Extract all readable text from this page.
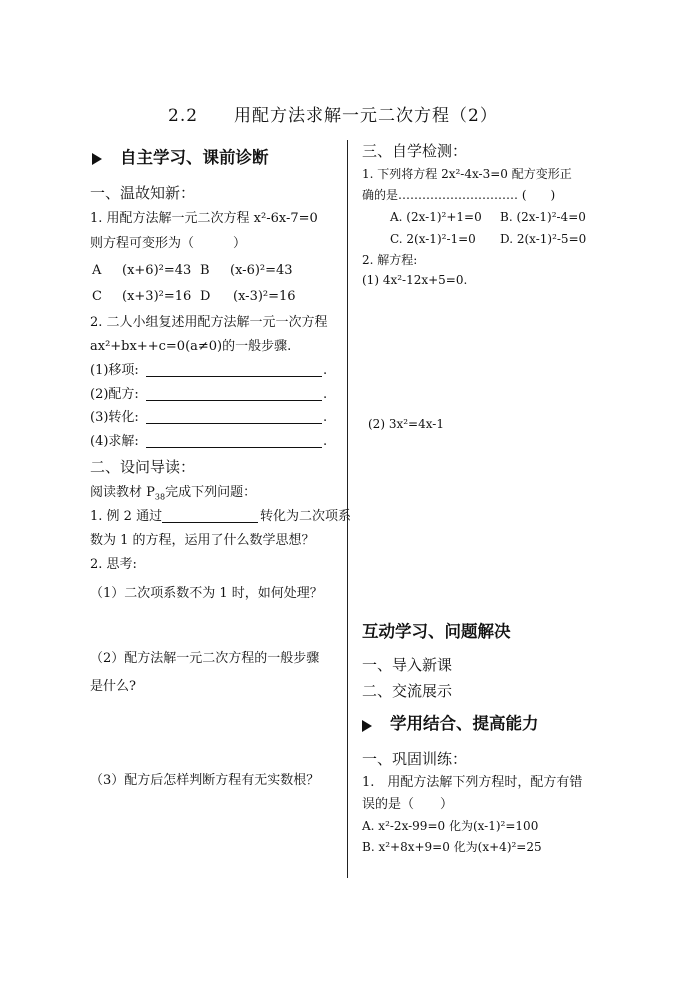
2.2　　用配方法求解一元二次方程（2）
自主学习、课前诊断
一、温故知新：
1. 用配方法解一元二次方程 x²-6x-7=0
则方程可变形为（　　　）
A (x+6)²=43 B (x-6)²=43
C (x+3)²=16 D (x-3)²=16
2. 二人小组复述用配方法解一元一次方程
ax²+bx++c=0(a≠0)的一般步骤.
(1)移项:	.
(2)配方:	.
(3)转化:	.
(4)求解:	.
二、设问导读：
阅读教材 $P_{38}$完成下列问题：
1. 例 2 通过	转化为二次项系
数为 1 的方程，运用了什么数学思想？
2. 思考:
（1）二次项系数不为 1 时，如何处理？
（2）配方法解一元二次方程的一般步骤
是什么?
（3）配方后怎样判断方程有无实数根？
三、自学检测：
1. 下列将方程 2x²-4x-3=0 配方变形正
确的是………………………… (　　)
A. (2x-1)²+1=0 B. (2x-1)²-4=0
C. 2(x-1)²-1=0 D. 2(x-1)²-5=0
2. 解方程:
(1) 4x²-12x+5=0.
(2) 3x²=4x-1
互动学习、问题解决
一、导入新课
二、交流展示
学用结合、提高能力
一、巩固训练：
1.　用配方法解下列方程时，配方有错
误的是（　　）
A. x²-2x-99=0 化为(x-1)²=100
B. x²+8x+9=0 化为(x+4)²=25
